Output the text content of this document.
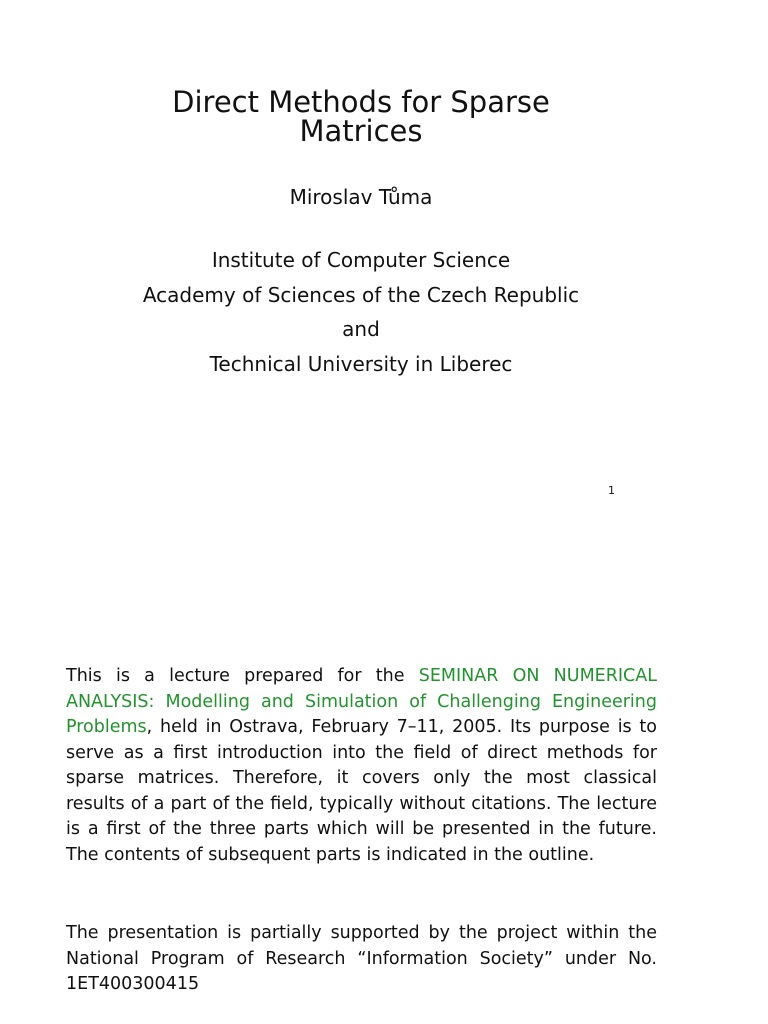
Direct Methods for Sparse
Matrices

Miroslav Tůma

Institute of Computer Science

Academy of Sciences of the Czech Republic

and

Technical University in Liberec

1

This is a lecture prepared for the SEMINAR ON NUMERICAL ANALYSIS: Modelling and Simulation of Challenging Engineering Problems, held in Ostrava, February 7–11, 2005. Its purpose is to serve as a first introduction into the field of direct methods for sparse matrices. Therefore, it covers only the most classical results of a part of the field, typically without citations. The lecture is a first of the three parts which will be presented in the future. The contents of subsequent parts is indicated in the outline.

The presentation is partially supported by the project within the National Program of Research “Information Society” under No. 1ET400300415
